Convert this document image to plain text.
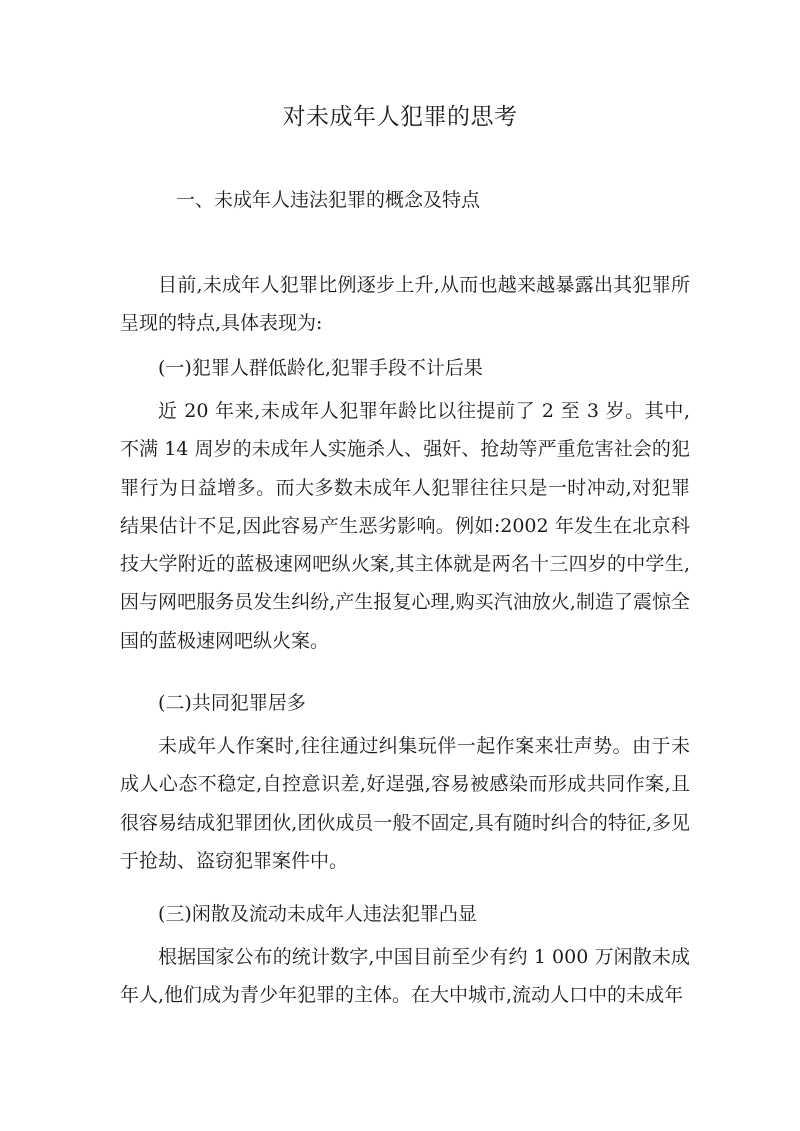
对未成年人犯罪的思考
一、未成年人违法犯罪的概念及特点

目前,未成年人犯罪比例逐步上升,从而也越来越暴露出其犯罪所呈现的特点,具体表现为:

(一)犯罪人群低龄化,犯罪手段不计后果

近 20 年来,未成年人犯罪年龄比以往提前了 2 至 3 岁。其中,不满 14 周岁的未成年人实施杀人、强奸、抢劫等严重危害社会的犯罪行为日益增多。而大多数未成年人犯罪往往只是一时冲动,对犯罪结果估计不足,因此容易产生恶劣影响。例如:2002 年发生在北京科技大学附近的蓝极速网吧纵火案,其主体就是两名十三四岁的中学生,因与网吧服务员发生纠纷,产生报复心理,购买汽油放火,制造了震惊全国的蓝极速网吧纵火案。

(二)共同犯罪居多

未成年人作案时,往往通过纠集玩伴一起作案来壮声势。由于未成人心态不稳定,自控意识差,好逞强,容易被感染而形成共同作案,且很容易结成犯罪团伙,团伙成员一般不固定,具有随时纠合的特征,多见于抢劫、盗窃犯罪案件中。

(三)闲散及流动未成年人违法犯罪凸显

根据国家公布的统计数字,中国目前至少有约 1 000 万闲散未成年人,他们成为青少年犯罪的主体。在大中城市,流动人口中的未成年
